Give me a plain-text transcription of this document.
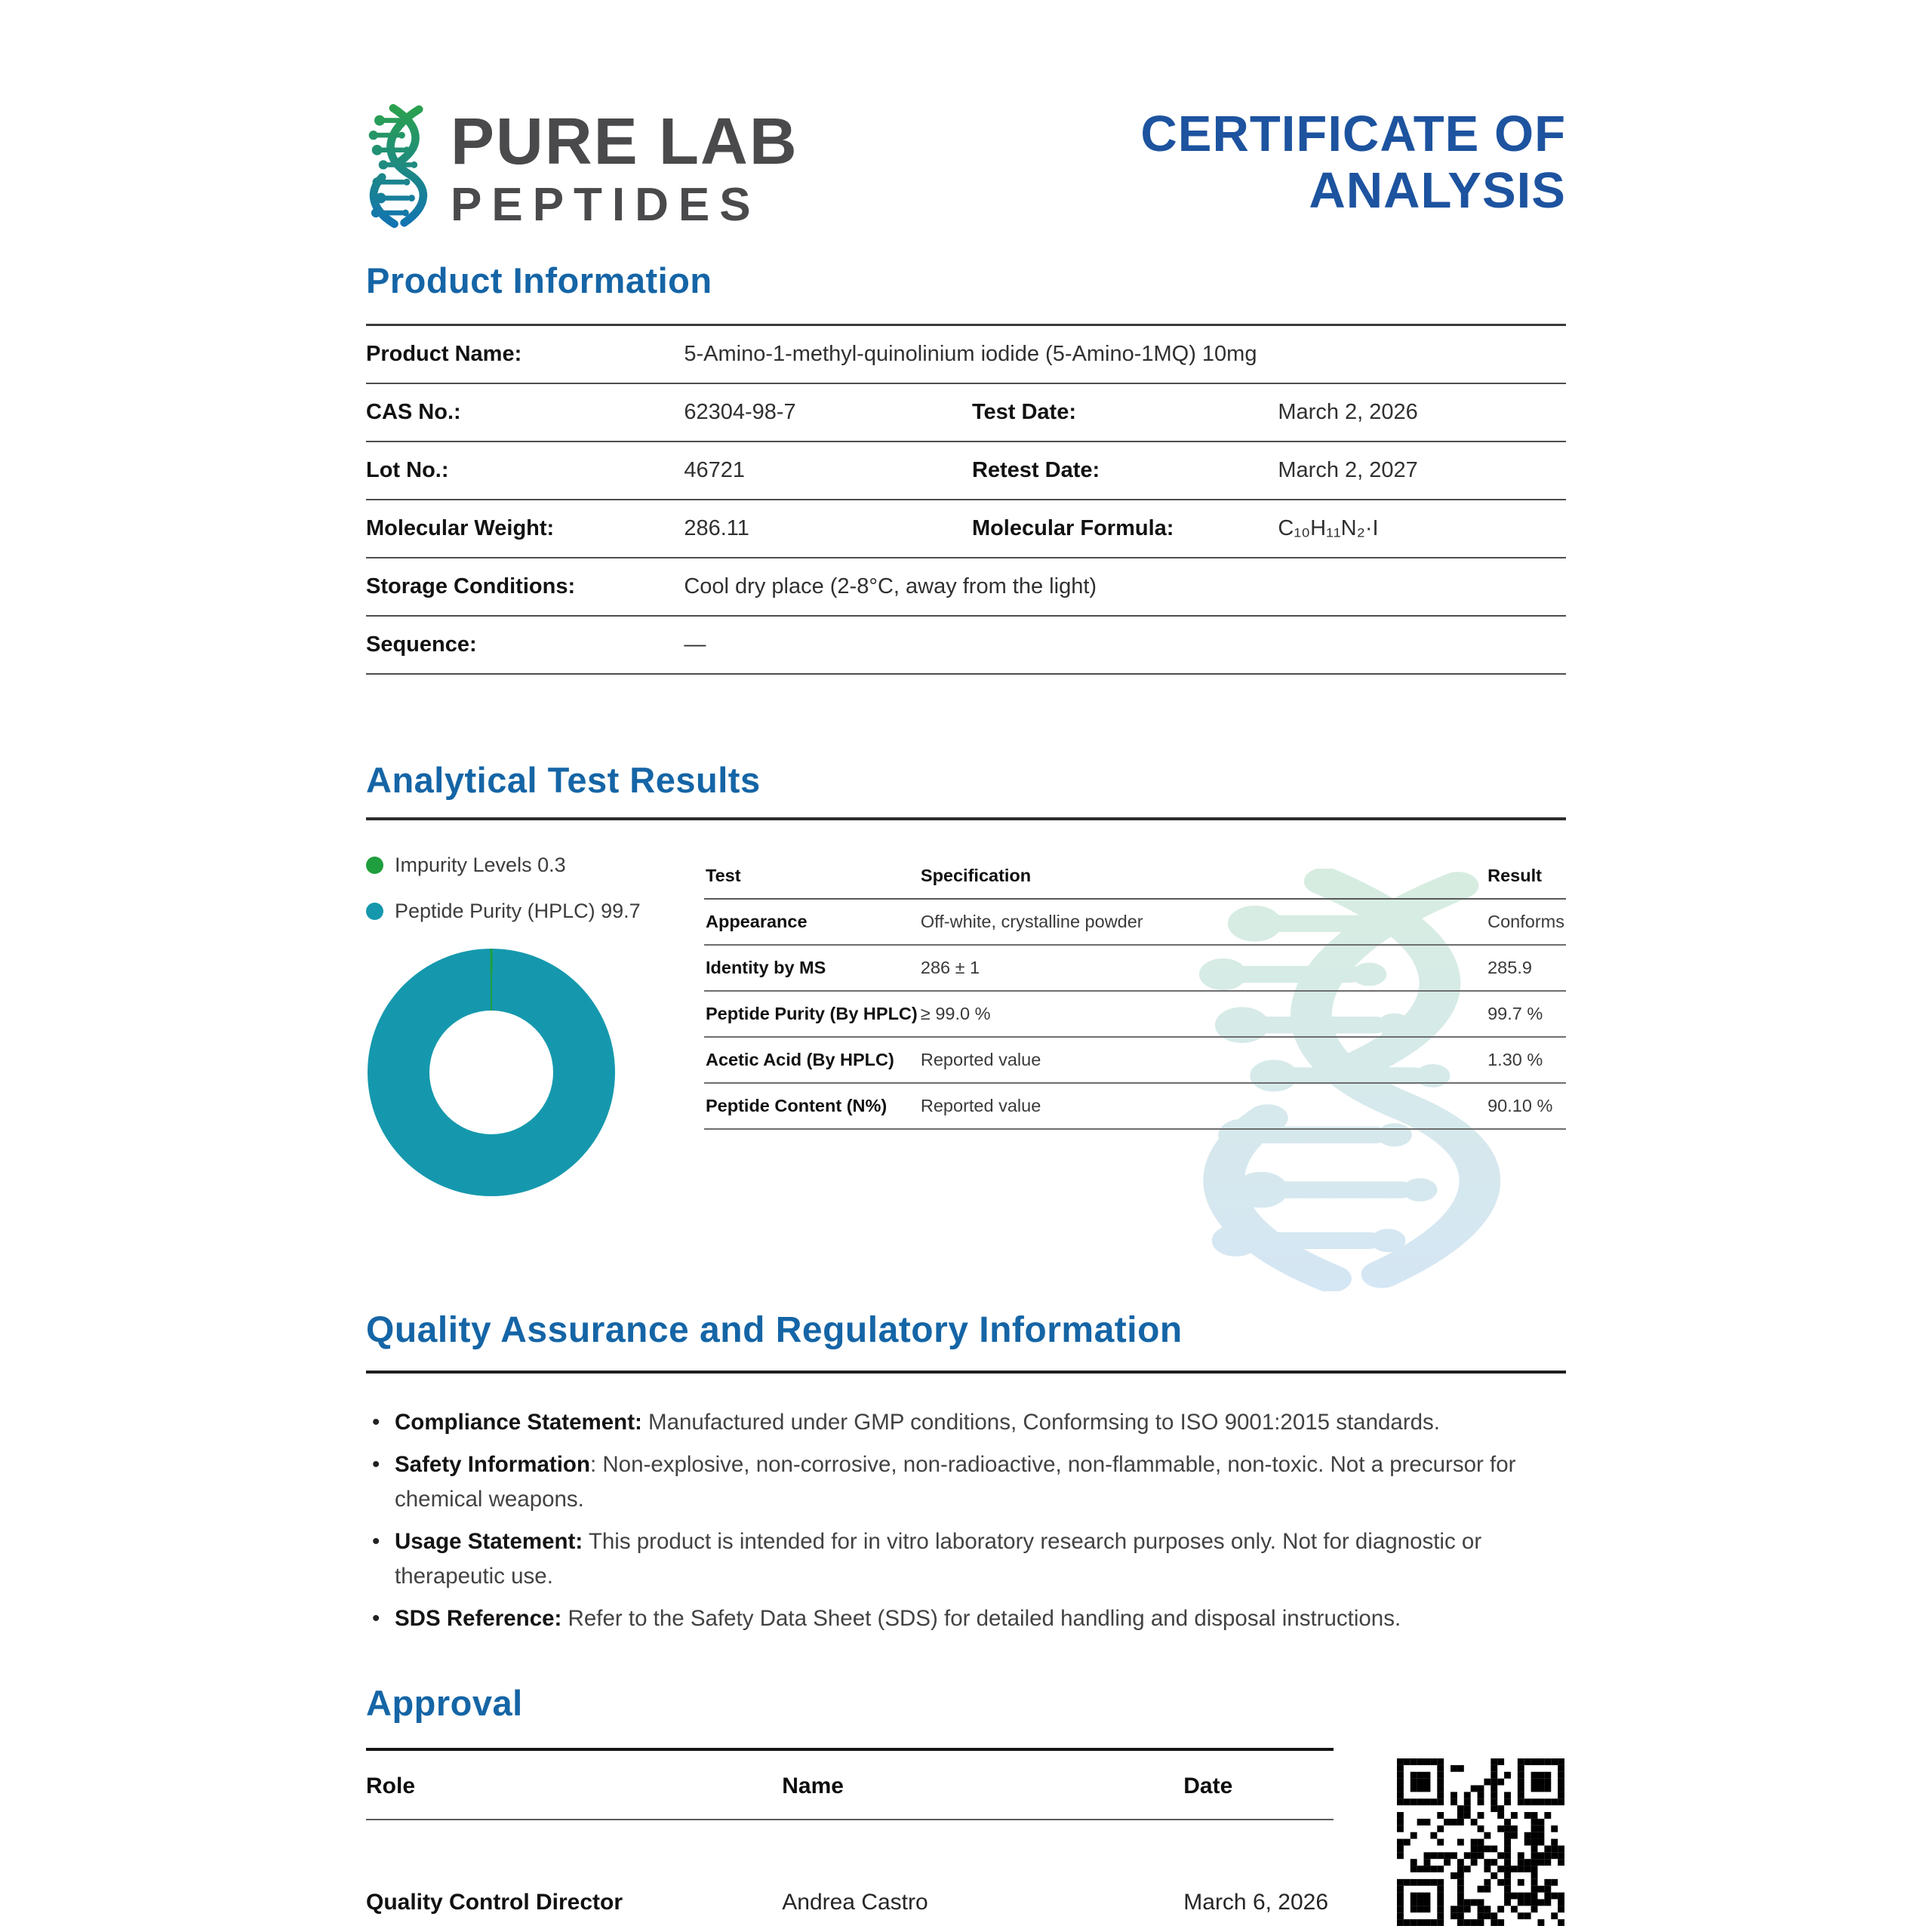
PURE LAB
PEPTIDES
CERTIFICATE OF
ANALYSIS
Product Information
Product Name:	5-Amino-1-methyl-quinolinium iodide (5-Amino-1MQ) 10mg		
CAS No.:	62304-98-7	Test Date:	March 2, 2026
Lot No.:	46721	Retest Date:	March 2, 2027
Molecular Weight:	286.11	Molecular Formula:	C₁₀H₁₁N₂·I
Storage Conditions:	Cool dry place (2-8°C, away from the light)		
Sequence:	—		
Analytical Test Results
Impurity Levels 0.3
Peptide Purity (HPLC) 99.7
Test	Specification	Result
Appearance	Off-white, crystalline powder	Conforms
Identity by MS	286 ± 1	285.9
Peptide Purity (By HPLC)	≥ 99.0 %	99.7 %
Acetic Acid (By HPLC)	Reported value	1.30 %
Peptide Content (N%)	Reported value	90.10 %
Quality Assurance and Regulatory Information
• Compliance Statement: Manufactured under GMP conditions, Conformsing to ISO 9001:2015 standards.
• Safety Information: Non-explosive, non-corrosive, non-radioactive, non-flammable, non-toxic. Not a precursor for chemical weapons.
• Usage Statement: This product is intended for in vitro laboratory research purposes only. Not for diagnostic or therapeutic use.
• SDS Reference: Refer to the Safety Data Sheet (SDS) for detailed handling and disposal instructions.
Approval
Role	Name	Date
Quality Control Director	Andrea Castro	March 6, 2026
